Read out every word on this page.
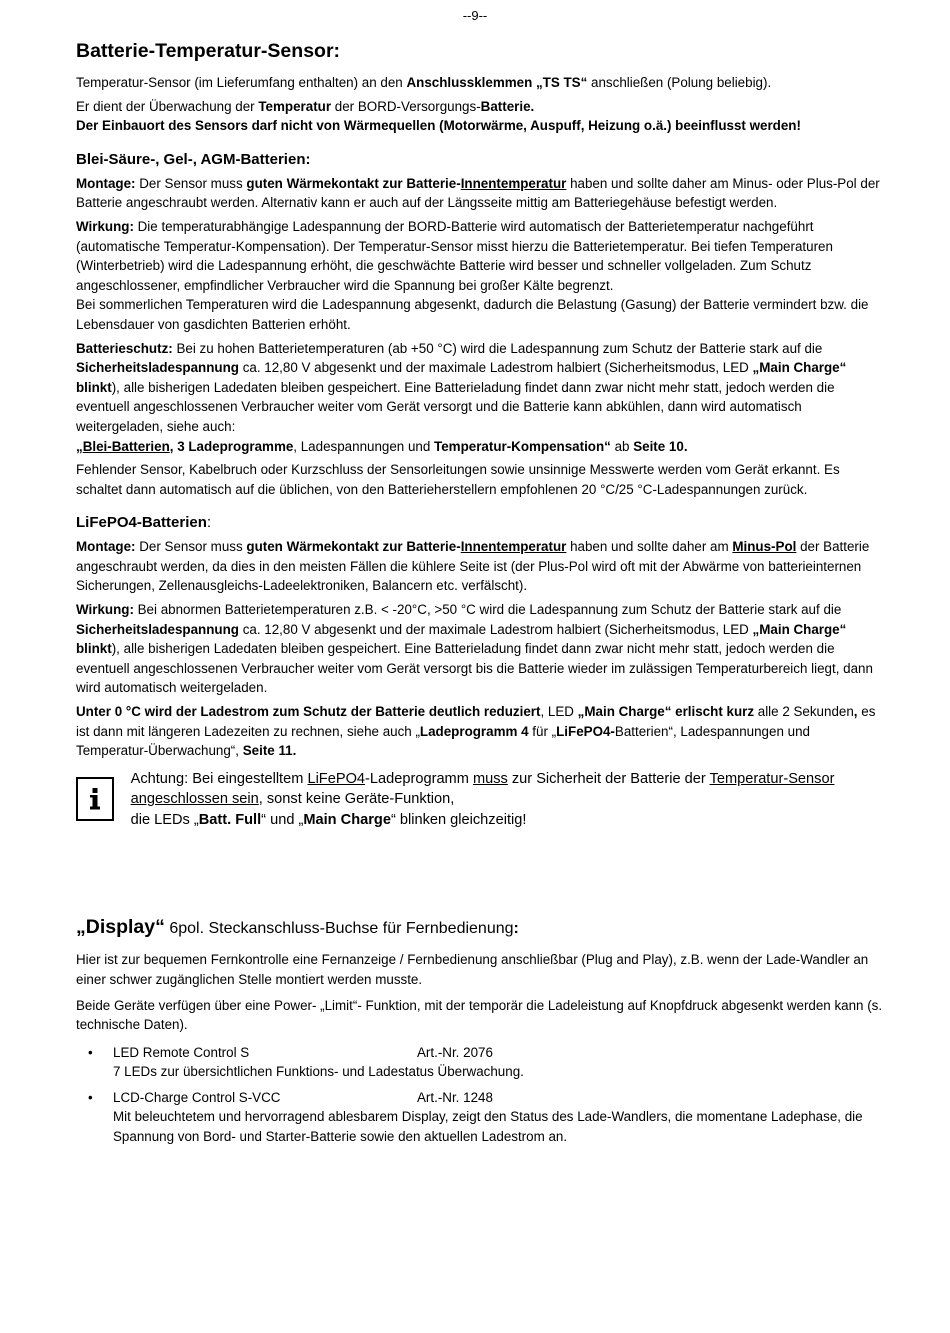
--9--
Batterie-Temperatur-Sensor:

Temperatur-Sensor (im Lieferumfang enthalten) an den Anschlussklemmen „TS TS“ anschließen (Polung beliebig).

Er dient der Überwachung der Temperatur der BORD-Versorgungs-Batterie.

Der Einbauort des Sensors darf nicht von Wärmequellen (Motorwärme, Auspuff, Heizung o.ä.) beeinflusst werden!

Blei-Säure-, Gel-, AGM-Batterien:

Montage: Der Sensor muss guten Wärmekontakt zur Batterie-Innentemperatur haben und sollte daher am Minus- oder Plus-Pol der Batterie angeschraubt werden. Alternativ kann er auch auf der Längsseite mittig am Batteriegehäuse befestigt werden.

Wirkung: Die temperaturabhängige Ladespannung der BORD-Batterie wird automatisch der Batterietemperatur nachgeführt (automatische Temperatur-Kompensation). Der Temperatur-Sensor misst hierzu die Batterietemperatur. Bei tiefen Temperaturen (Winterbetrieb) wird die Ladespannung erhöht, die geschwächte Batterie wird besser und schneller vollgeladen. Zum Schutz angeschlossener, empfindlicher Verbraucher wird die Spannung bei großer Kälte begrenzt.

Bei sommerlichen Temperaturen wird die Ladespannung abgesenkt, dadurch die Belastung (Gasung) der Batterie vermindert bzw. die Lebensdauer von gasdichten Batterien erhöht.

Batterieschutz: Bei zu hohen Batterietemperaturen (ab +50 °C) wird die Ladespannung zum Schutz der Batterie stark auf die Sicherheitsladespannung ca. 12,80 V abgesenkt und der maximale Ladestrom halbiert (Sicherheitsmodus, LED „Main Charge“ blinkt), alle bisherigen Ladedaten bleiben gespeichert. Eine Batterieladung findet dann zwar nicht mehr statt, jedoch werden die eventuell angeschlossenen Verbraucher weiter vom Gerät versorgt und die Batterie kann abkühlen, dann wird automatisch weitergeladen, siehe auch:

„Blei-Batterien, 3 Ladeprogramme, Ladespannungen und Temperatur-Kompensation“ ab Seite 10.

Fehlender Sensor, Kabelbruch oder Kurzschluss der Sensorleitungen sowie unsinnige Messwerte werden vom Gerät erkannt. Es schaltet dann automatisch auf die üblichen, von den Batterieherstellern empfohlenen 20 °C/25 °C-Ladespannungen zurück.

LiFePO4-Batterien:

Montage: Der Sensor muss guten Wärmekontakt zur Batterie-Innentemperatur haben und sollte daher am Minus-Pol der Batterie angeschraubt werden, da dies in den meisten Fällen die kühlere Seite ist (der Plus-Pol wird oft mit der Abwärme von batterieinternen Sicherungen, Zellenausgleichs-Ladeelektroniken, Balancern etc. verfälscht).

Wirkung: Bei abnormen Batterietemperaturen z.B. < -20°C, >50 °C wird die Ladespannung zum Schutz der Batterie stark auf die Sicherheitsladespannung ca. 12,80 V abgesenkt und der maximale Ladestrom halbiert (Sicherheitsmodus, LED „Main Charge“ blinkt), alle bisherigen Ladedaten bleiben gespeichert. Eine Batterieladung findet dann zwar nicht mehr statt, jedoch werden die eventuell angeschlossenen Verbraucher weiter vom Gerät versorgt bis die Batterie wieder im zulässigen Temperaturbereich liegt, dann wird automatisch weitergeladen.

Unter 0 °C wird der Ladestrom zum Schutz der Batterie deutlich reduziert, LED „Main Charge“ erlischt kurz alle 2 Sekunden, es ist dann mit längeren Ladezeiten zu rechnen, siehe auch „Ladeprogramm 4 für „LiFePO4-Batterien“, Ladespannungen und Temperatur-Überwachung“, Seite 11.

Achtung: Bei eingestelltem LiFePO4-Ladeprogramm muss zur Sicherheit der Batterie der Temperatur-Sensor angeschlossen sein, sonst keine Geräte-Funktion,
die LEDs „Batt. Full“ und „Main Charge“ blinken gleichzeitig!
„Display“ 6pol. Steckanschluss-Buchse für Fernbedienung:

Hier ist zur bequemen Fernkontrolle eine Fernanzeige / Fernbedienung anschließbar (Plug and Play), z.B. wenn der Lade-Wandler an einer schwer zugänglichen Stelle montiert werden musste.

Beide Geräte verfügen über eine Power- „Limit“- Funktion, mit der temporär die Ladeleistung auf Knopfdruck abgesenkt werden kann (s. technische Daten).

• LED Remote Control S	Art.-Nr. 2076
7 LEDs zur übersichtlichen Funktions- und Ladestatus Überwachung.
• LCD-Charge Control S-VCC	Art.-Nr. 1248
Mit beleuchtetem und hervorragend ablesbarem Display, zeigt den Status des Lade-Wandlers, die momentane Ladephase, die Spannung von Bord- und Starter-Batterie sowie den aktuellen Ladestrom an.
